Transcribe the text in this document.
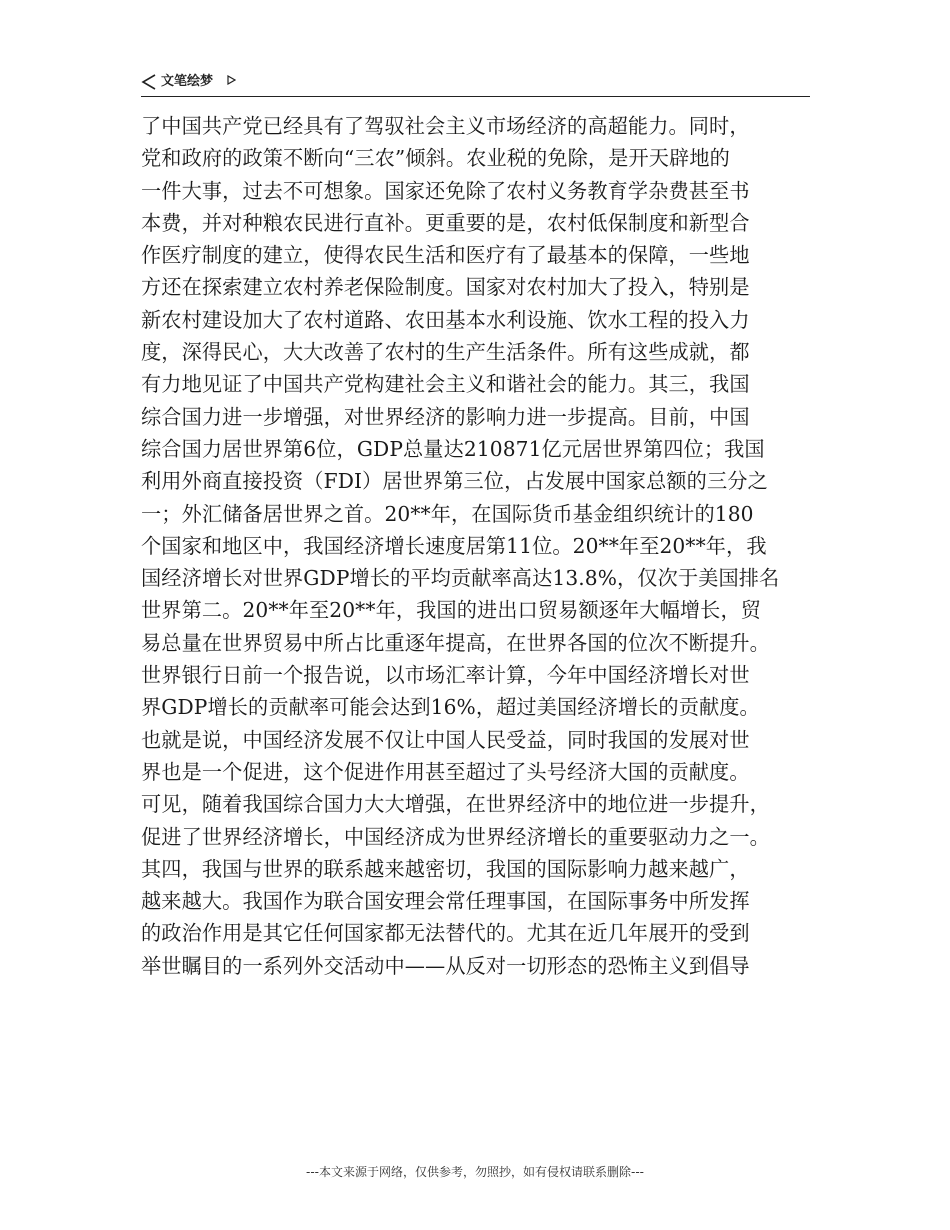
文笔绘梦
了中国共产党已经具有了驾驭社会主义市场经济的高超能力。同时，
党和政府的政策不断向“三农”倾斜。农业税的免除，是开天辟地的
一件大事，过去不可想象。国家还免除了农村义务教育学杂费甚至书
本费，并对种粮农民进行直补。更重要的是，农村低保制度和新型合
作医疗制度的建立，使得农民生活和医疗有了最基本的保障，一些地
方还在探索建立农村养老保险制度。国家对农村加大了投入，特别是
新农村建设加大了农村道路、农田基本水利设施、饮水工程的投入力
度，深得民心，大大改善了农村的生产生活条件。所有这些成就，都
有力地见证了中国共产党构建社会主义和谐社会的能力。其三，我国
综合国力进一步增强，对世界经济的影响力进一步提高。目前，中国
综合国力居世界第6位，GDP总量达210871亿元居世界第四位；我国
利用外商直接投资（FDI）居世界第三位，占发展中国家总额的三分之
一；外汇储备居世界之首。20**年，在国际货币基金组织统计的180
个国家和地区中，我国经济增长速度居第11位。20**年至20**年，我
国经济增长对世界GDP增长的平均贡献率高达13.8%，仅次于美国排名
世界第二。20**年至20**年，我国的进出口贸易额逐年大幅增长，贸
易总量在世界贸易中所占比重逐年提高，在世界各国的位次不断提升。
世界银行日前一个报告说，以市场汇率计算，今年中国经济增长对世
界GDP增长的贡献率可能会达到16%，超过美国经济增长的贡献度。
也就是说，中国经济发展不仅让中国人民受益，同时我国的发展对世
界也是一个促进，这个促进作用甚至超过了头号经济大国的贡献度。
可见，随着我国综合国力大大增强，在世界经济中的地位进一步提升，
促进了世界经济增长，中国经济成为世界经济增长的重要驱动力之一。
其四，我国与世界的联系越来越密切，我国的国际影响力越来越广，
越来越大。我国作为联合国安理会常任理事国，在国际事务中所发挥
的政治作用是其它任何国家都无法替代的。尤其在近几年展开的受到
举世瞩目的一系列外交活动中——从反对一切形态的恐怖主义到倡导
---本文来源于网络，仅供参考，勿照抄，如有侵权请联系删除---
